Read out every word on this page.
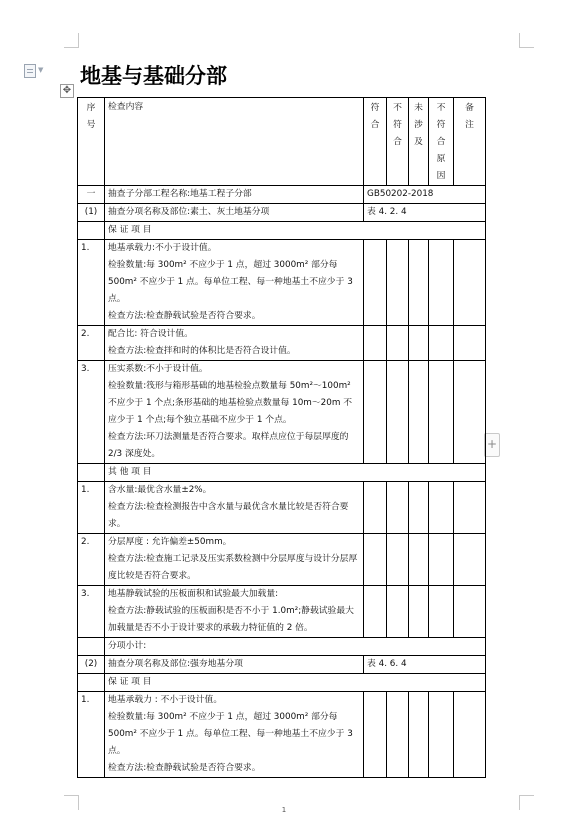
▼ 地基与基础分部
✥
+
序号	检查内容	符合	不符合	未涉及	不符合原因	备注

一	抽查子分部工程名称:地基工程子分部	GB50202-2018				
(1)	抽查分项名称及部位:素土、灰土地基分项	表 4. 2. 4				
	保 证 项 目					
1.	地基承载力:不小于设计值。
检验数量:每 300m² 不应少于 1 点，超过 3000m² 部分每 500m² 不应少于 1 点。每单位工程、每一种地基土不应少于 3 点。
检查方法:检查静载试验是否符合要求。					

2.	配合比: 符合设计值。
检查方法:检查拌和时的体积比是否符合设计值。					

3.	压实系数:不小于设计值。
检验数量:筏形与箱形基础的地基检验点数量每 50m²～100m² 不应少于 1 个点;条形基础的地基检验点数量每 10m～20m 不应少于 1 个点;每个独立基础不应少于 1 个点。
检查方法:环刀法测量是否符合要求。取样点应位于每层厚度的 2/3 深度处。					

	其 他 项 目					
1.	含水量:最优含水量±2%。
检查方法:检查检测报告中含水量与最优含水量比较是否符合要求。					

2.	分层厚度 : 允许偏差±50mm。
检查方法:检查施工记录及压实系数检测中分层厚度与设计分层厚度比较是否符合要求。					

3.	地基静载试验的压板面积和试验最大加载量:
检查方法:静载试验的压板面积是否不小于 1.0m²;静载试验最大加载量是否不小于设计要求的承载力特征值的 2 倍。					

	分项小计:					
(2)	抽查分项名称及部位:强夯地基分项	表 4. 6. 4				
	保 证 项 目					
1.	地基承载力 : 不小于设计值。
检验数量:每 300m² 不应少于 1 点，超过 3000m² 部分每 500m² 不应少于 1 点。每单位工程、每一种地基土不应少于 3 点。
检查方法:检查静载试验是否符合要求。					

1
